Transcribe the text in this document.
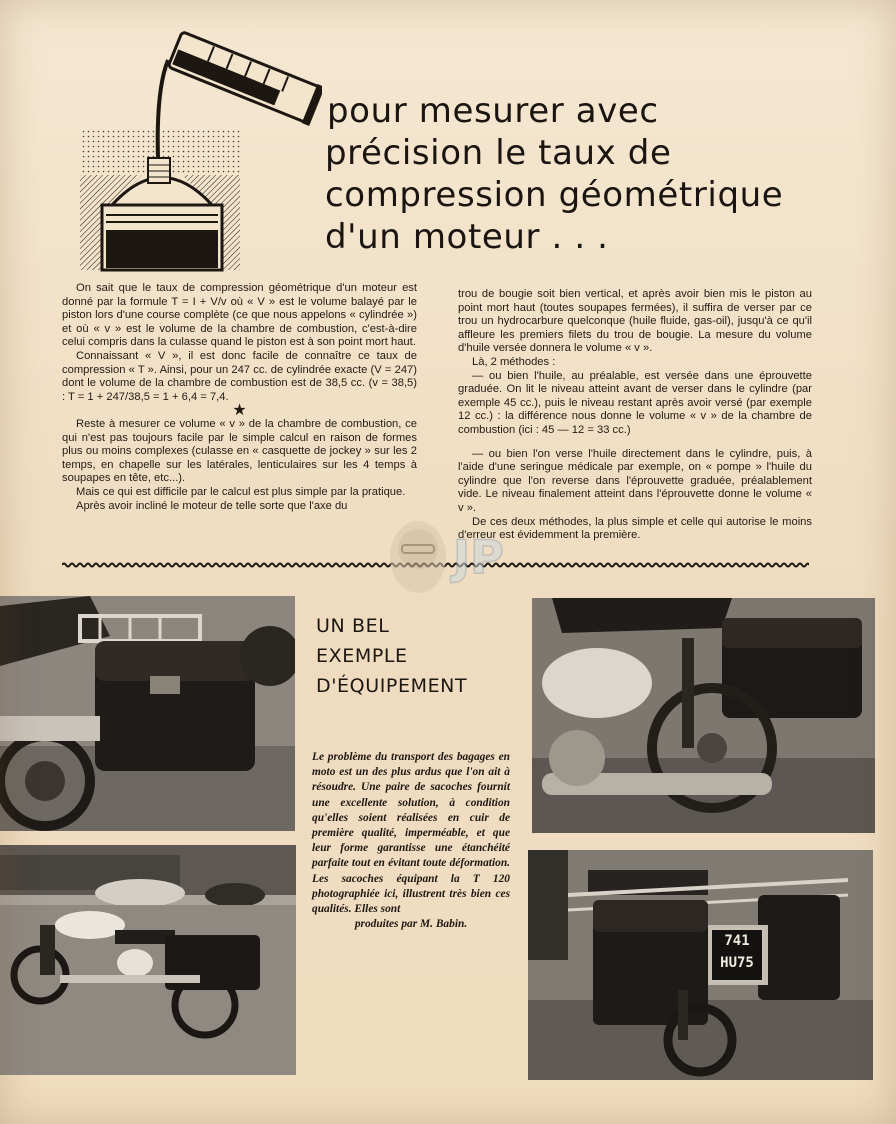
pour mesurer avec
précision le taux de
compression géométrique
d'un moteur . . .

On sait que le taux de compression géométrique d'un moteur est donné par la formule T = I + V/v où « V » est le volume balayé par le piston lors d'une course complète (ce que nous appelons « cylindrée ») et où « v » est le volume de la chambre de combustion, c'est-à-dire celui compris dans la culasse quand le piston est à son point mort haut.

Connaissant « V », il est donc facile de connaître ce taux de compression « T ». Ainsi, pour un 247 cc. de cylindrée exacte (V = 247) dont le volume de la chambre de combustion est de 38,5 cc. (v = 38,5) : T = 1 + 247/38,5 = 1 + 6,4 = 7,4.

★

Reste à mesurer ce volume « v » de la chambre de combustion, ce qui n'est pas toujours facile par le simple calcul en raison de formes plus ou moins complexes (culasse en « casquette de jockey » sur les 2 temps, en chapelle sur les latérales, lenticulaires sur les 4 temps à soupapes en tête, etc...).

Mais ce qui est difficile par le calcul est plus simple par la pratique.

Après avoir incliné le moteur de telle sorte que l'axe du

trou de bougie soit bien vertical, et après avoir bien mis le piston au point mort haut (toutes soupapes fermées), il suffira de verser par ce trou un hydrocarbure quelconque (huile fluide, gas-oil), jusqu'à ce qu'il affleure les premiers filets du trou de bougie. La mesure du volume d'huile versée donnera le volume « v ».

Là, 2 méthodes :

— ou bien l'huile, au préalable, est versée dans une éprouvette graduée. On lit le niveau atteint avant de verser dans le cylindre (par exemple 45 cc.), puis le niveau restant après avoir versé (par exemple 12 cc.) : la différence nous donne le volume « v » de la chambre de combustion (ici : 45 — 12 = 33 cc.)

— ou bien l'on verse l'huile directement dans le cylindre, puis, à l'aide d'une seringue médicale par exemple, on « pompe » l'huile du cylindre que l'on reverse dans l'éprouvette graduée, préalablement vide. Le niveau finalement atteint dans l'éprouvette donne le volume « v ».

De ces deux méthodes, la plus simple et celle qui autorise le moins d'erreur est évidemment la première.

JP
UN BEL
EXEMPLE
D'ÉQUIPEMENT
Le problème du transport des bagages en moto est un des plus ardus que l'on ait à résoudre. Une paire de sacoches fournit une excellente solution, à condition qu'elles soient réalisées en cuir de première qualité, imperméable, et que leur forme garantisse une étanchéité parfaite tout en évitant toute déformation. Les sacoches équipant la T 120 photographiée ici, illustrent très bien ces qualités. Elles sont
produites par M. Babin.
741
HU75
